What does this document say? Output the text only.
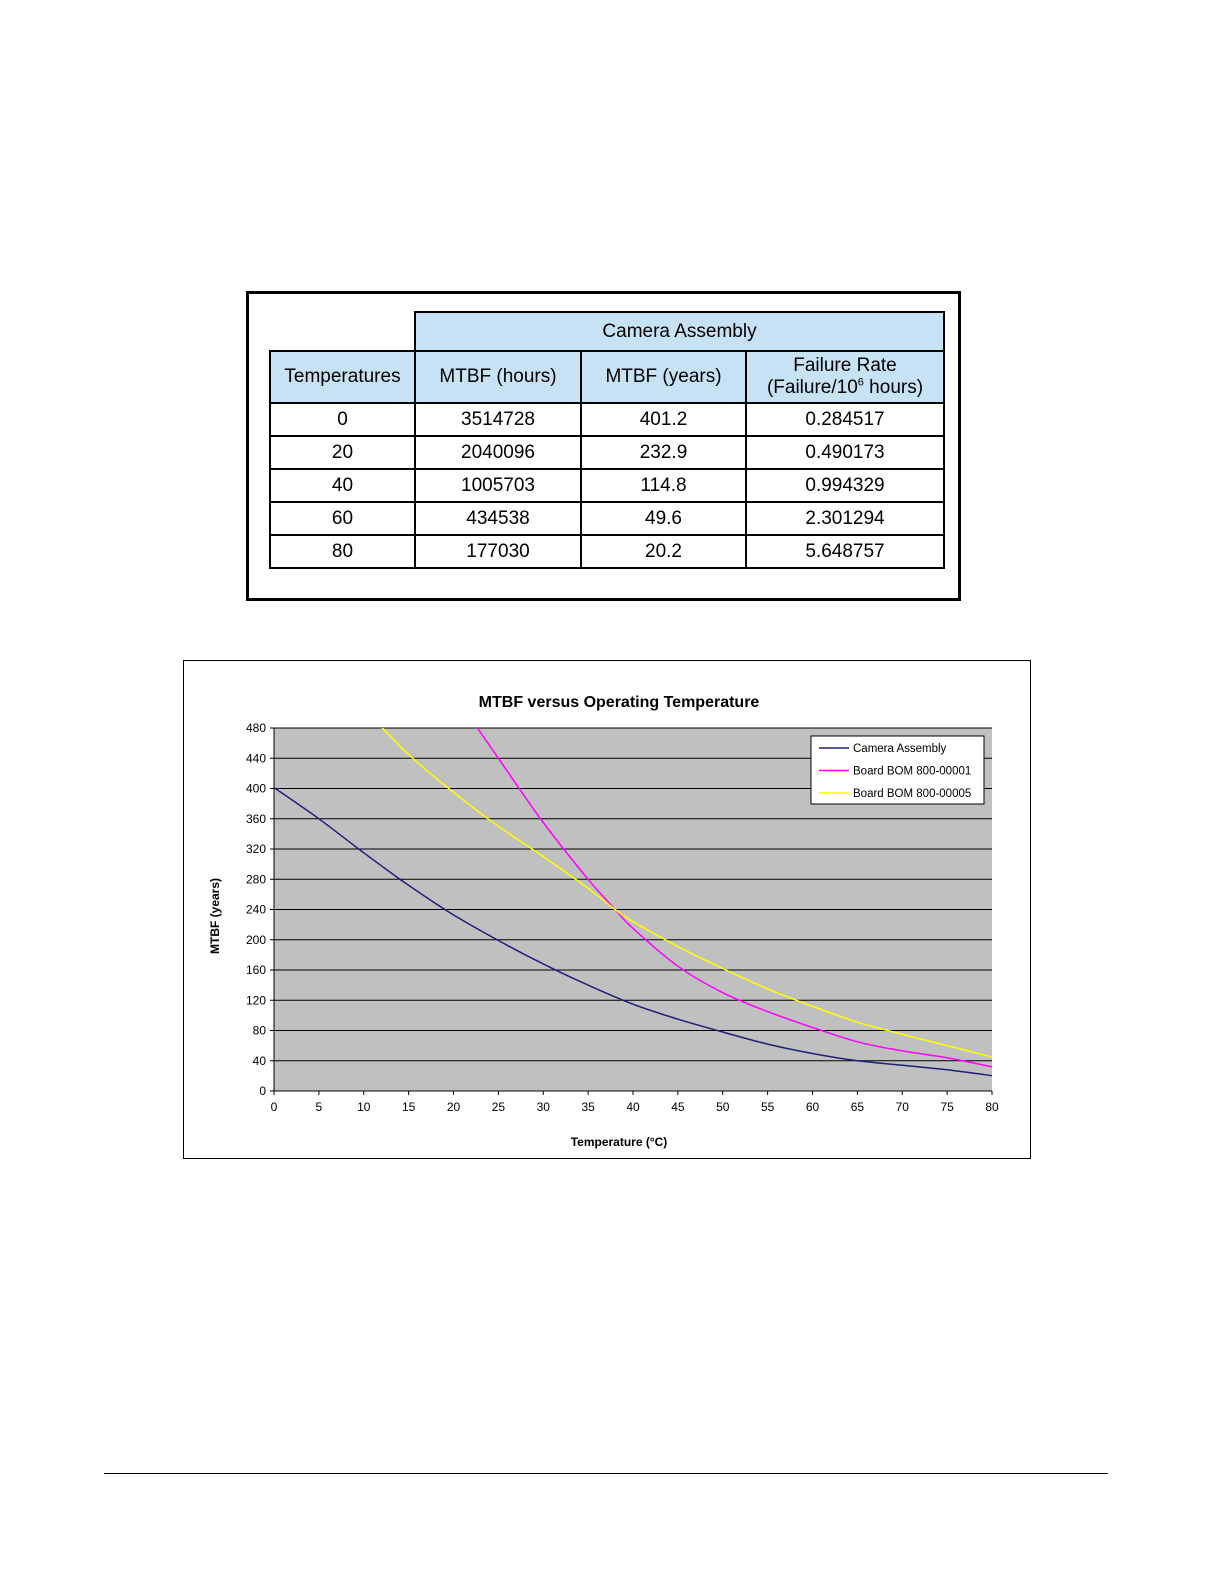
	Camera Assembly		
Temperatures	MTBF (hours)	MTBF (years)	Failure Rate
($Failure/10^6$ hours)
0	3514728	401.2	0.284517
20	2040096	232.9	0.490173
40	1005703	114.8	0.994329
60	434538	49.6	2.301294
80	177030	20.2	5.648757
MTBF versus Operating Temperature
0
40
80
120
160
200
240
280
320
360
400
440
480
0	5	10	15	20	25	30	35	40	45	50	55	60	65	70	75	80
Camera Assembly
Board BOM 800-00001
Board BOM 800-00005
Temperature (°C)
MTBF (years)
